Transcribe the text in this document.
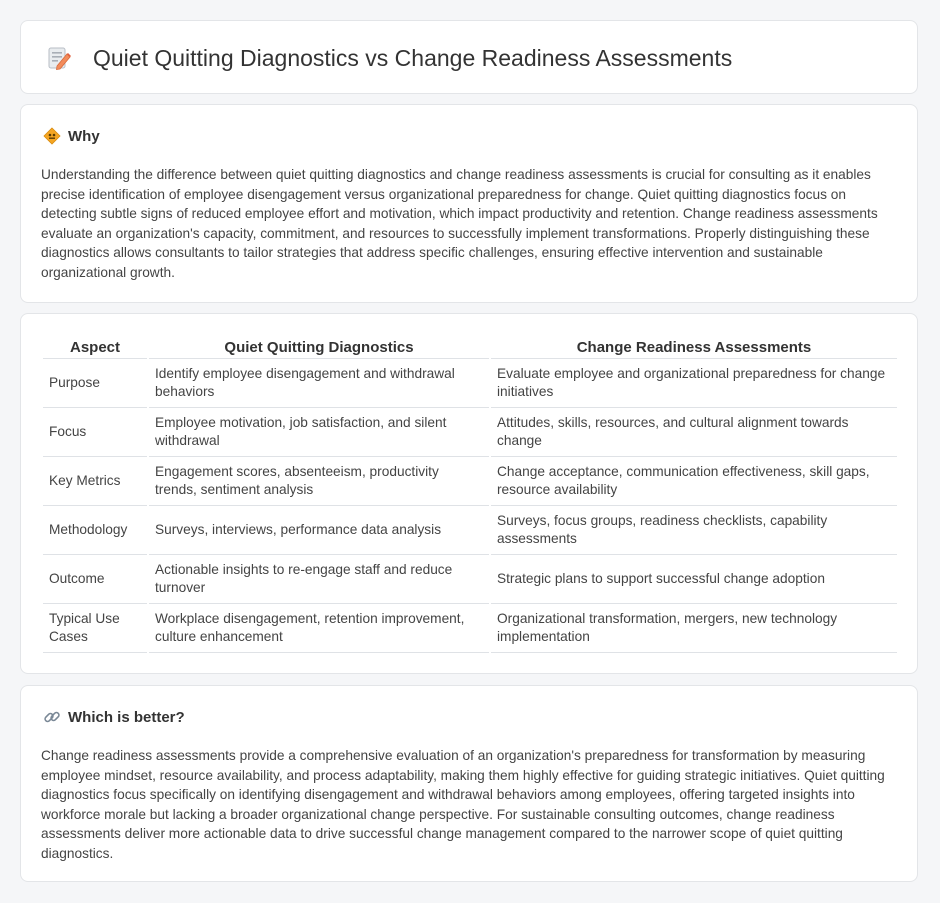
Quiet Quitting Diagnostics vs Change Readiness Assessments
Why
Understanding the difference between quiet quitting diagnostics and change readiness assessments is crucial for consulting as it enables precise identification of employee disengagement versus organizational preparedness for change. Quiet quitting diagnostics focus on detecting subtle signs of reduced employee effort and motivation, which impact productivity and retention. Change readiness assessments evaluate an organization's capacity, commitment, and resources to successfully implement transformations. Properly distinguishing these diagnostics allows consultants to tailor strategies that address specific challenges, ensuring effective intervention and sustainable organizational growth.
Aspect	Quiet Quitting Diagnostics	Change Readiness Assessments
Purpose	Identify employee disengagement and withdrawal behaviors	Evaluate employee and organizational preparedness for change initiatives
Focus	Employee motivation, job satisfaction, and silent withdrawal	Attitudes, skills, resources, and cultural alignment towards change
Key Metrics	Engagement scores, absenteeism, productivity trends, sentiment analysis	Change acceptance, communication effectiveness, skill gaps, resource availability
Methodology	Surveys, interviews, performance data analysis	Surveys, focus groups, readiness checklists, capability assessments
Outcome	Actionable insights to re-engage staff and reduce turnover	Strategic plans to support successful change adoption
Typical Use Cases	Workplace disengagement, retention improvement, culture enhancement	Organizational transformation, mergers, new technology implementation
Which is better?
Change readiness assessments provide a comprehensive evaluation of an organization's preparedness for transformation by measuring employee mindset, resource availability, and process adaptability, making them highly effective for guiding strategic initiatives. Quiet quitting diagnostics focus specifically on identifying disengagement and withdrawal behaviors among employees, offering targeted insights into workforce morale but lacking a broader organizational change perspective. For sustainable consulting outcomes, change readiness assessments deliver more actionable data to drive successful change management compared to the narrower scope of quiet quitting diagnostics.
